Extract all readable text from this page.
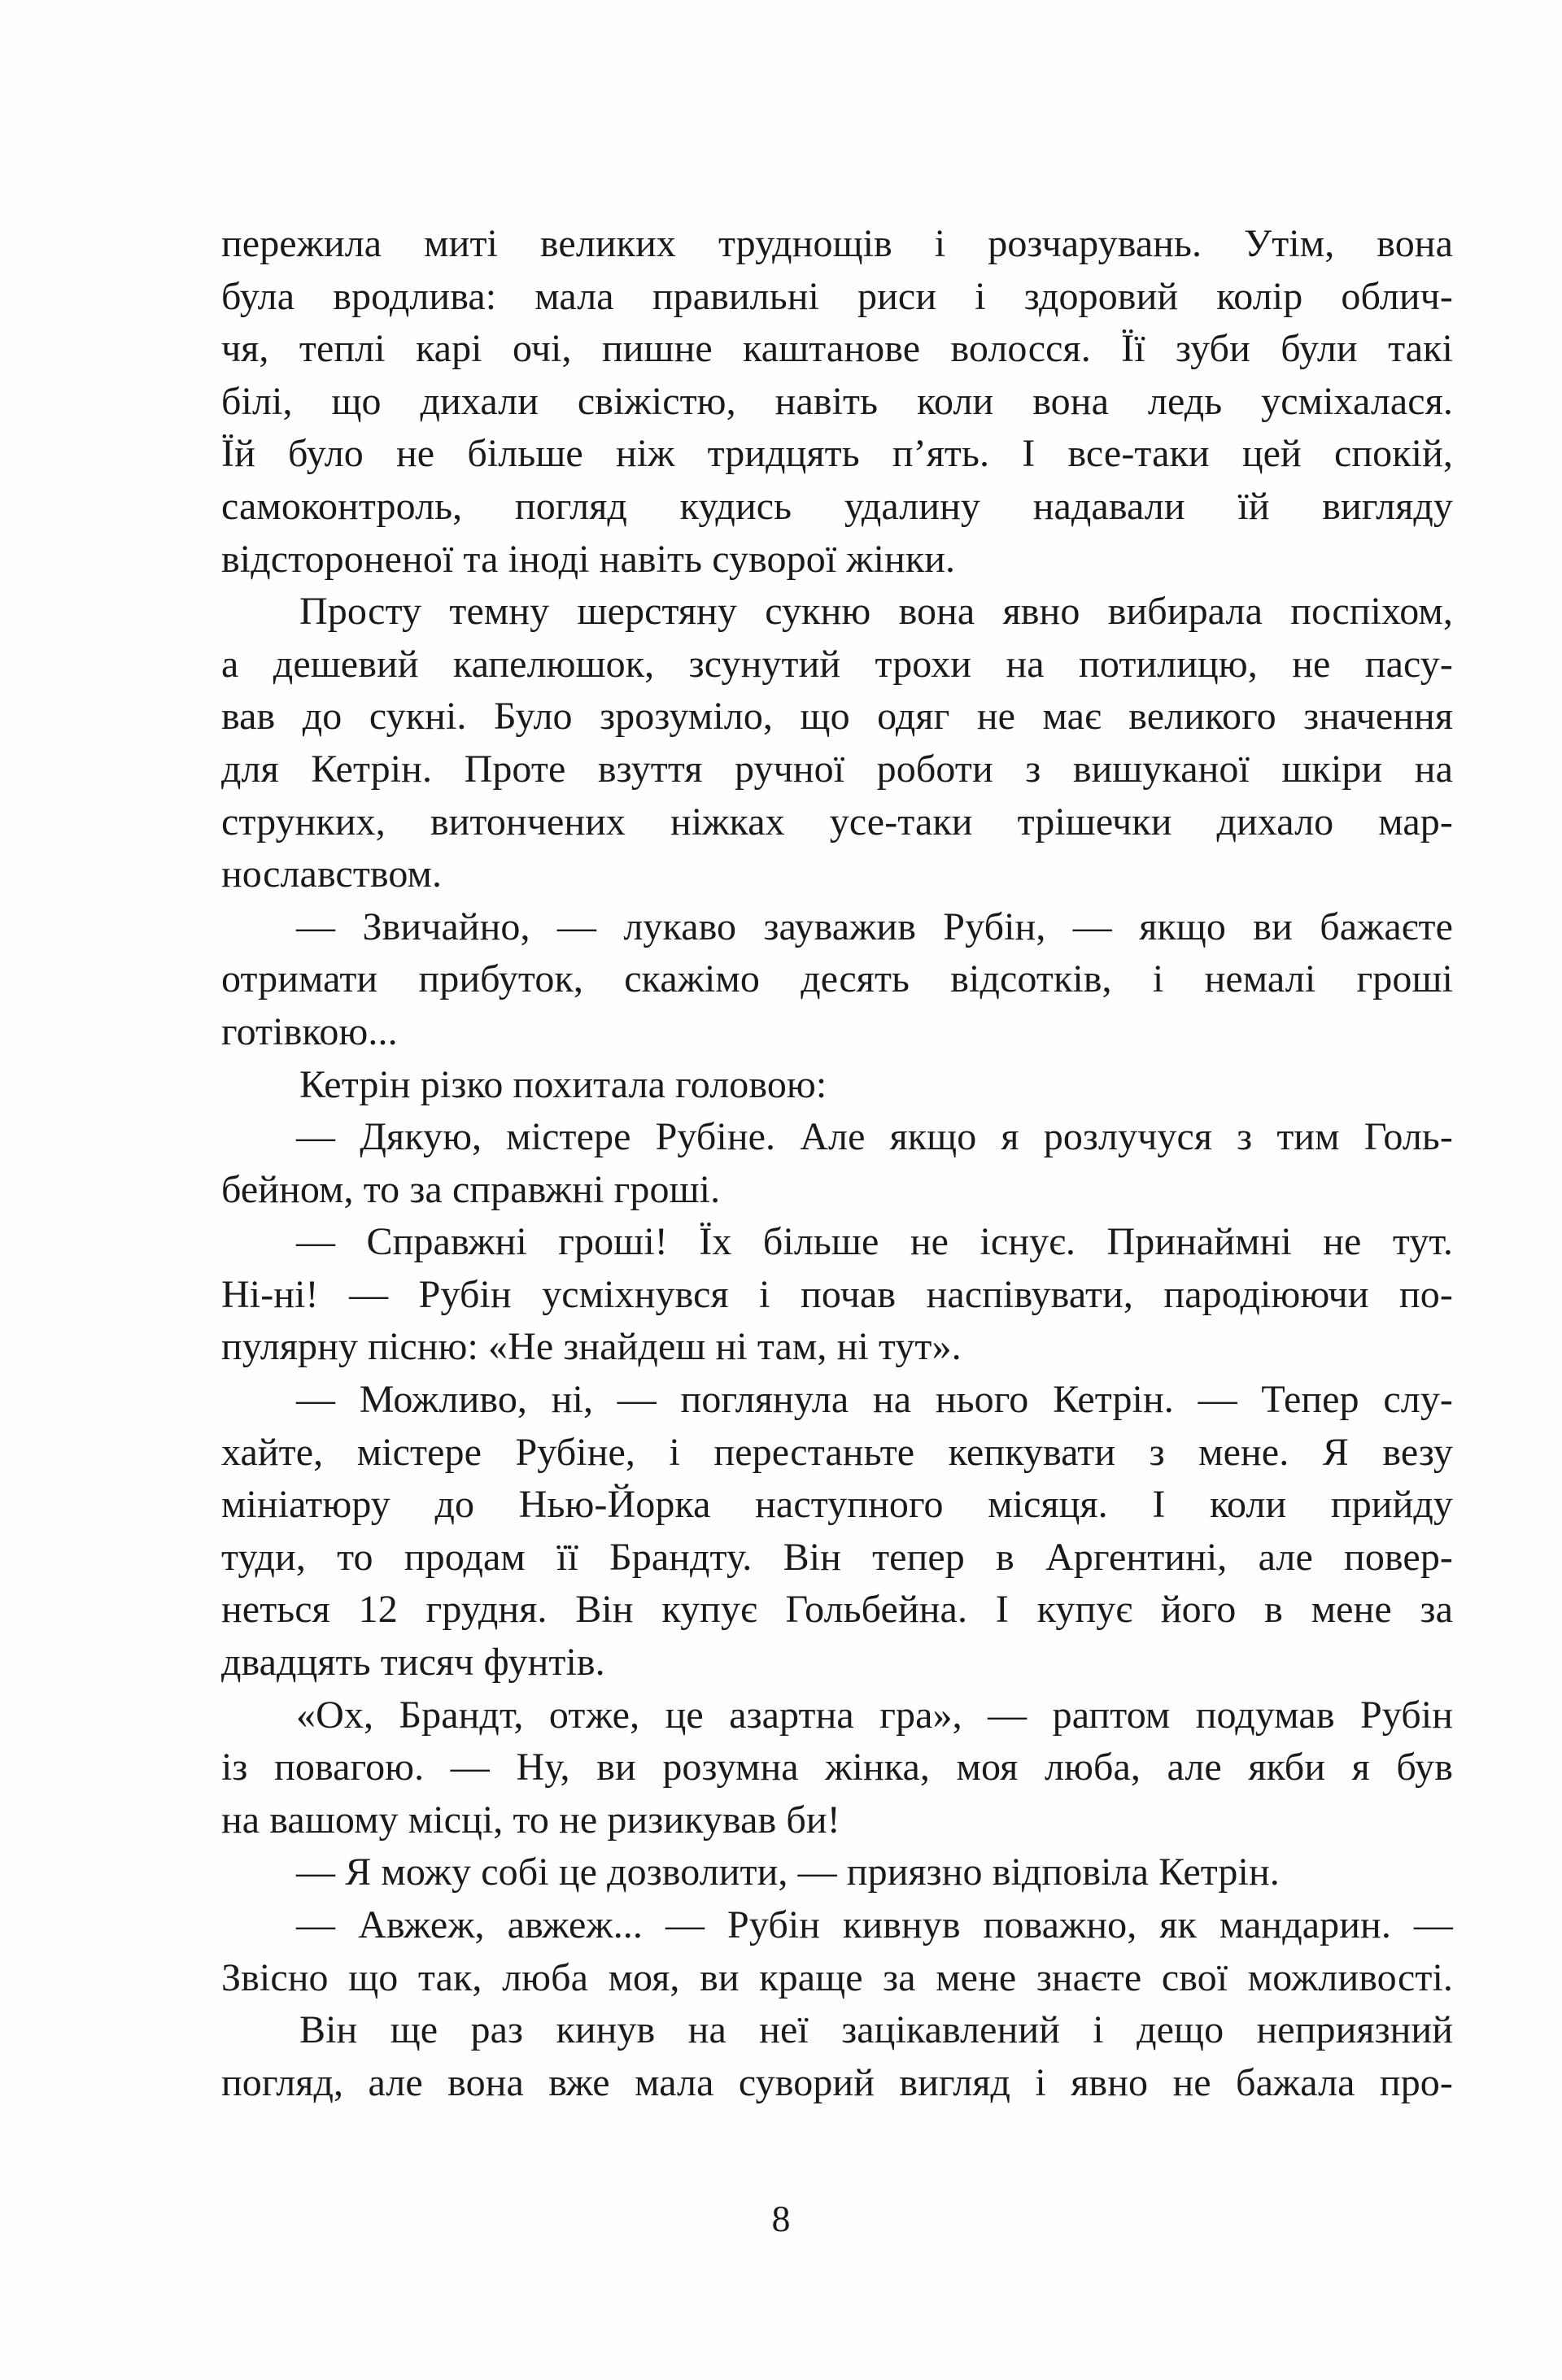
пережила миті великих труднощів і розчарувань. Утім, вона
була вродлива: мала правильні риси і здоровий колір облич-
чя, теплі карі очі, пишне каштанове волосся. Її зуби були такі
білі, що дихали свіжістю, навіть коли вона ледь усміхалася.
Їй було не більше ніж тридцять п’ять. І все-таки цей спокій,
самоконтроль, погляд кудись удалину надавали їй вигляду
відстороненої та іноді навіть суворої жінки.
Просту темну шерстяну сукню вона явно вибирала поспіхом,
а дешевий капелюшок, зсунутий трохи на потилицю, не пасу-
вав до сукні. Було зрозуміло, що одяг не має великого значення
для Кетрін. Проте взуття ручної роботи з вишуканої шкіри на
струнких, витончених ніжках усе-таки трішечки дихало мар-
нославством.
— Звичайно, — лукаво зауважив Рубін, — якщо ви бажаєте
отримати прибуток, скажімо десять відсотків, і немалі гроші
готівкою...
Кетрін різко похитала головою:
— Дякую, містере Рубіне. Але якщо я розлучуся з тим Голь-
бейном, то за справжні гроші.
— Справжні гроші! Їх більше не існує. Принаймні не тут.
Ні-ні! — Рубін усміхнувся і почав наспівувати, пародіюючи по-
пулярну пісню: «Не знайдеш ні там, ні тут».
— Можливо, ні, — поглянула на нього Кетрін. — Тепер слу-
хайте, містере Рубіне, і перестаньте кепкувати з мене. Я везу
мініатюру до Нью-Йорка наступного місяця. І коли прийду
туди, то продам її Брандту. Він тепер в Аргентині, але повер-
неться 12 грудня. Він купує Гольбейна. І купує його в мене за
двадцять тисяч фунтів.
«Ох, Брандт, отже, це азартна гра», — раптом подумав Рубін
із повагою. — Ну, ви розумна жінка, моя люба, але якби я був
на вашому місці, то не ризикував би!
— Я можу собі це дозволити, — приязно відповіла Кетрін.
— Авжеж, авжеж... — Рубін кивнув поважно, як мандарин. —
Звісно що так, люба моя, ви краще за мене знаєте свої можливості.
Він ще раз кинув на неї зацікавлений і дещо неприязний
погляд, але вона вже мала суворий вигляд і явно не бажала про-
8
